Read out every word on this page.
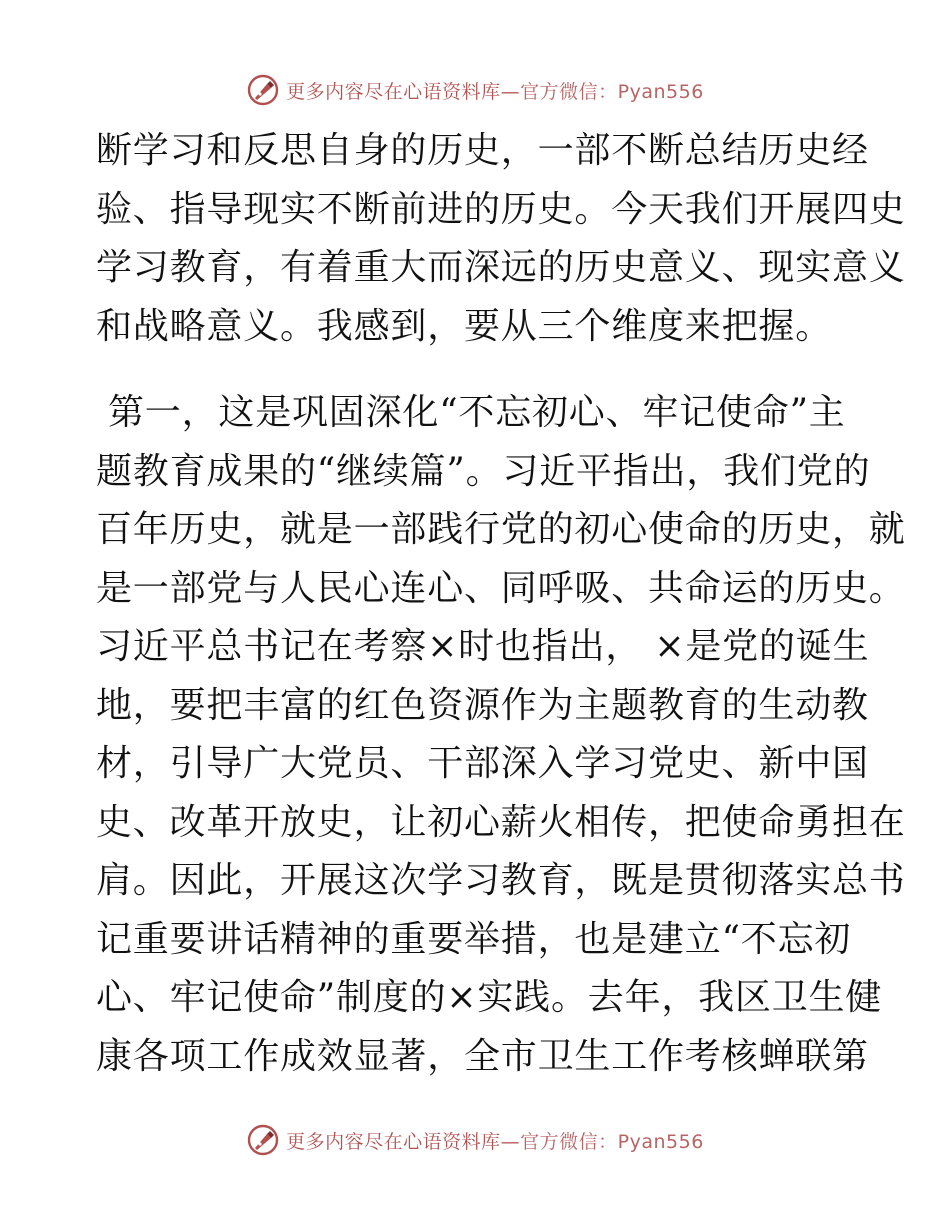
更多内容尽在心语资料库—官方微信：Pyan556
断学习和反思自身的历史，一部不断总结历史经
验、指导现实不断前进的历史。今天我们开展四史
学习教育，有着重大而深远的历史意义、现实意义
和战略意义。我感到，要从三个维度来把握。
第一，这是巩固深化“不忘初心、牢记使命”主
题教育成果的“继续篇”。习近平指出，我们党的
百年历史，就是一部践行党的初心使命的历史，就
是一部党与人民心连心、同呼吸、共命运的历史。
习近平总书记在考察×时也指出， ×是党的诞生
地，要把丰富的红色资源作为主题教育的生动教
材，引导广大党员、干部深入学习党史、新中国
史、改革开放史，让初心薪火相传，把使命勇担在
肩。因此，开展这次学习教育，既是贯彻落实总书
记重要讲话精神的重要举措，也是建立“不忘初
心、牢记使命”制度的×实践。去年，我区卫生健
康各项工作成效显著，全市卫生工作考核蝉联第
更多内容尽在心语资料库—官方微信：Pyan556
